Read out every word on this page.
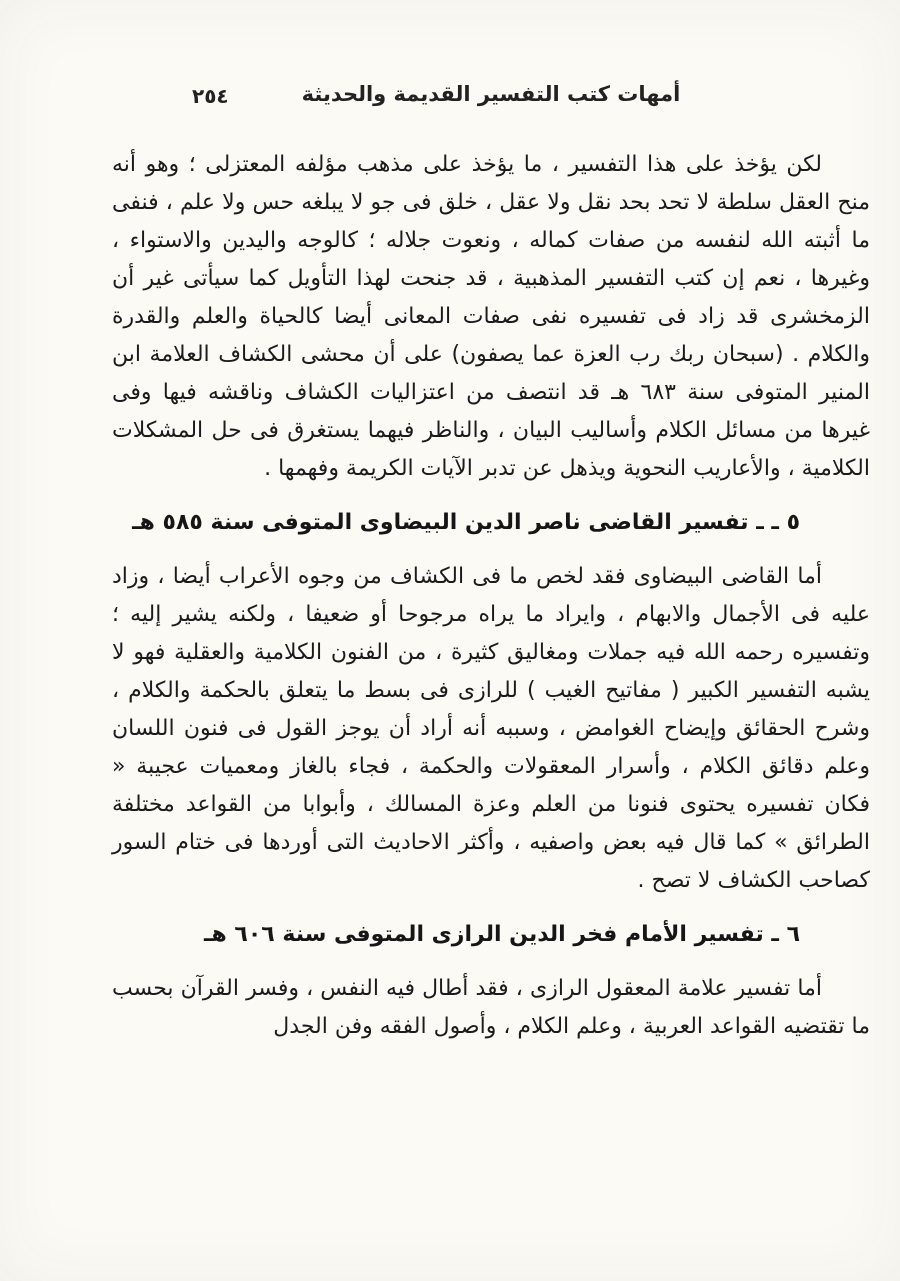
٢٥٤	أمهات كتب التفسير القديمة والحديثة

لكن يؤخذ على هذا التفسير ، ما يؤخذ على مذهب مؤلفه المعتزلى ؛ وهو أنه منح العقل سلطة لا تحد بحد نقل ولا عقل ، خلق فى جو لا يبلغه حس ولا علم ، فنفى ما أثبته الله لنفسه من صفات كماله ، ونعوت جلاله ؛ كالوجه واليدين والاستواء ، وغيرها ، نعم إن كتب التفسير المذهبية ، قد جنحت لهذا التأويل كما سيأتى غير أن الزمخشرى قد زاد فى تفسيره نفى صفات المعانى أيضا كالحياة والعلم والقدرة والكلام . (سبحان ربك رب العزة عما يصفون) على أن محشى الكشاف العلامة ابن المنير المتوفى سنة ٦٨٣ هـ قد انتصف من اعتزاليات الكشاف وناقشه فيها وفى غيرها من مسائل الكلام وأساليب البيان ، والناظر فيهما يستغرق فى حل المشكلات الكلامية ، والأعاريب النحوية ويذهل عن تدبر الآيات الكريمة وفهمها .

٥ ـ ـ تفسير القاضى ناصر الدين البيضاوى المتوفى سنة ٥٨٥ هـ

أما القاضى البيضاوى فقد لخص ما فى الكشاف من وجوه الأعراب أيضا ، وزاد عليه فى الأجمال والابهام ، وايراد ما يراه مرجوحا أو ضعيفا ، ولكنه يشير إليه ؛ وتفسيره رحمه الله فيه جملات ومغاليق كثيرة ، من الفنون الكلامية والعقلية فهو لا يشبه التفسير الكبير ( مفاتيح الغيب ) للرازى فى بسط ما يتعلق بالحكمة والكلام ، وشرح الحقائق وإيضاح الغوامض ، وسببه أنه أراد أن يوجز القول فى فنون اللسان وعلم دقائق الكلام ، وأسرار المعقولات والحكمة ، فجاء بالغاز ومعميات عجيبة « فكان تفسيره يحتوى فنونا من العلم وعزة المسالك ، وأبوابا من القواعد مختلفة الطرائق » كما قال فيه بعض واصفيه ، وأكثر الاحاديث التى أوردها فى ختام السور كصاحب الكشاف لا تصح .

٦ ـ تفسير الأمام فخر الدين الرازى المتوفى سنة ٦٠٦ هـ

أما تفسير علامة المعقول الرازى ، فقد أطال فيه النفس ، وفسر القرآن بحسب ما تقتضيه القواعد العربية ، وعلم الكلام ، وأصول الفقه وفن الجدل
